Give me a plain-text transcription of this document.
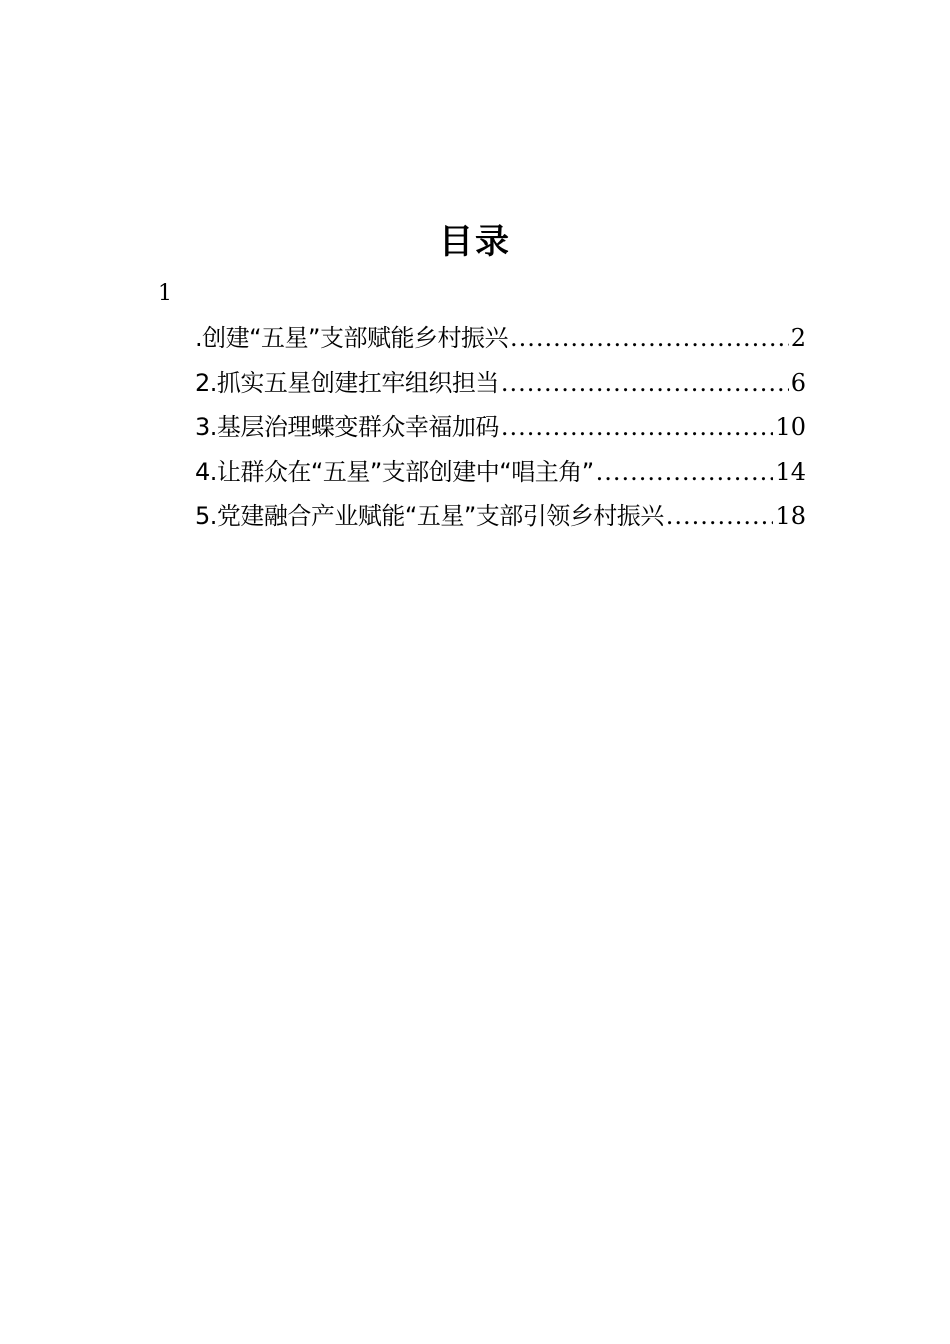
目录
1
.创建“五星”支部赋能乡村振兴 .....	2
2.抓实五星创建扛牢组织担当 .....	6
3.基层治理蝶变群众幸福加码 .....	10
4.让群众在“五星”支部创建中“唱主角” .....	14
5.党建融合产业赋能“五星”支部引领乡村振兴 .....	18
